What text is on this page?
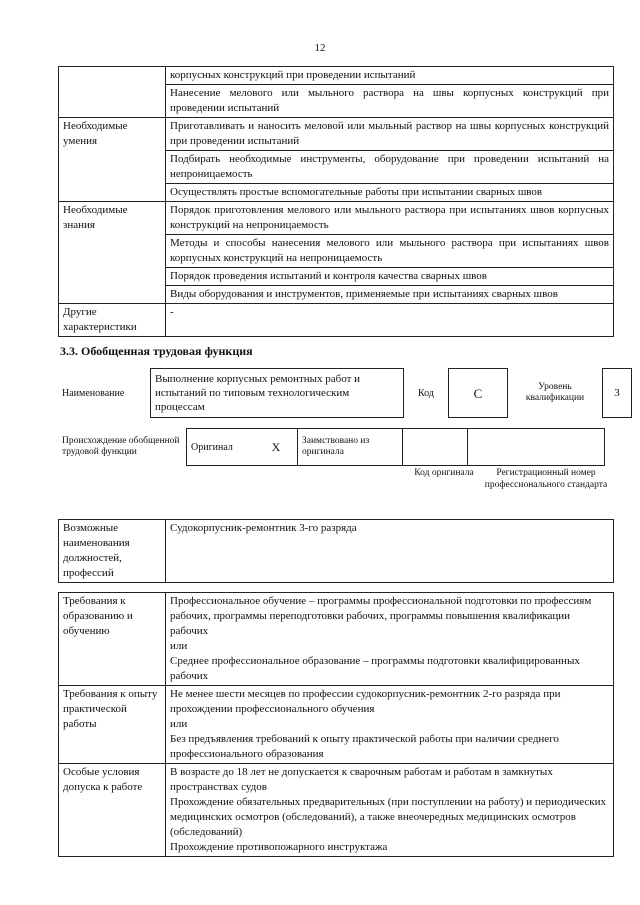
12
	корпусных конструкций при проведении испытаний
	Нанесение мелового или мыльного раствора на швы корпусных конструкций при проведении испытаний
Необходимые умения	Приготавливать и наносить меловой или мыльный раствор на швы корпусных конструкций при проведении испытаний
	Подбирать необходимые инструменты, оборудование при проведении испытаний на непроницаемость
	Осуществлять простые вспомогательные работы при испытании сварных швов
Необходимые знания	Порядок приготовления мелового или мыльного раствора при испытаниях швов корпусных конструкций на непроницаемость
	Методы и способы нанесения мелового или мыльного раствора при испытаниях швов корпусных конструкций на непроницаемость
	Порядок проведения испытаний и контроля качества сварных швов
	Виды оборудования и инструментов, применяемые при испытаниях сварных швов
Другие характеристики	-
3.3. Обобщенная трудовая функция
Наименование	Выполнение корпусных ремонтных работ и испытаний по типовым технологическим процессам	Код	C	Уровень квалификации	3
Происхождение обобщенной трудовой функции	Оригинал	X	Заимствовано из оригинала		
Код оригинала	Регистрационный номер профессионального стандарта
Возможные наименования должностей, профессий	Судокорпусник-ремонтник 3-го разряда
Требования к образованию и обучению	Профессиональное обучение – программы профессиональной подготовки по профессиям рабочих, программы переподготовки рабочих, программы повышения квалификации рабочих
или
Среднее профессиональное образование – программы подготовки квалифицированных рабочих

Требования к опыту практической работы	Не менее шести месяцев по профессии судокорпусник-ремонтник 2-го разряда при прохождении профессионального обучения
или
Без предъявления требований к опыту практической работы при наличии среднего профессионального образования

Особые условия допуска к работе	В возрасте до 18 лет не допускается к сварочным работам и работам в замкнутых пространствах судов
Прохождение обязательных предварительных (при поступлении на работу) и периодических медицинских осмотров (обследований), а также внеочередных медицинских осмотров (обследований)
Прохождение противопожарного инструктажа
